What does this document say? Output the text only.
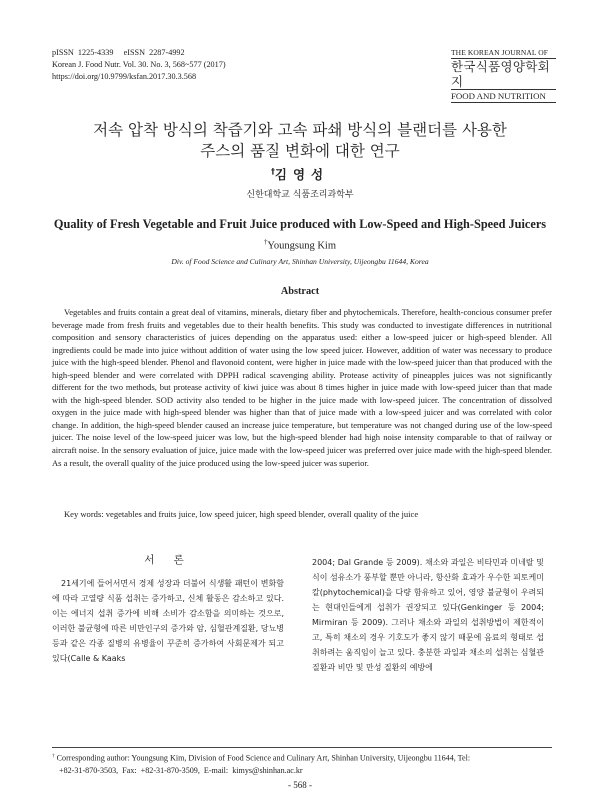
pISSN  1225-4339     eISSN  2287-4992
Korean J. Food Nutr. Vol. 30. No. 3, 568~577 (2017)
https://doi.org/10.9799/ksfan.2017.30.3.568
THE KOREAN JOURNAL OF
한국식품영양학회지
FOOD AND NUTRITION
저속 압착 방식의 착즙기와 고속 파쇄 방식의 블랜더를 사용한
주스의 품질 변화에 대한 연구
†김영성
신한대학교 식품조리과학부
Quality of Fresh Vegetable and Fruit Juice produced with Low-Speed and High-Speed Juicers
†Youngsung Kim
Div. of Food Science and Culinary Art, Shinhan University, Uijeongbu 11644, Korea
Abstract

Vegetables and fruits contain a great deal of vitamins, minerals, dietary fiber and phytochemicals. Therefore, health-concious consumer prefer beverage made from fresh fruits and vegetables due to their health benefits. This study was conducted to investigate differences in nutritional composition and sensory characteristics of juices depending on the apparatus used: either a low-speed juicer or high-speed blender. All ingredients could be made into juice without addition of water using the low speed juicer. However, addition of water was necessary to produce juice with the high-speed blender. Phenol and flavonoid content, were higher in juice made with the low-speed juicer than that produced with the high-speed blender and were correlated with DPPH radical scavenging ability. Protease activity of pineapples juices was not significantly different for the two methods, but protease activity of kiwi juice was about 8 times higher in juice made with low-speed juicer than that made with the high-speed blender. SOD activity also tended to be higher in the juice made with low-speed juicer. The concentration of dissolved oxygen in the juice made with high-speed blender was higher than that of juice made with a low-speed juicer and was correlated with color change. In addition, the high-speed blender caused an increase juice temperature, but temperature was not changed during use of the low-speed juicer. The noise level of the low-speed juicer was low, but the high-speed blender had high noise intensity comparable to that of railway or aircraft noise. In the sensory evaluation of juice, juice made with the low-speed juicer was preferred over juice made with the high-speed blender. As a result, the overall quality of the juice produced using the low-speed juicer was superior.

Key words: vegetables and fruits juice, low speed juicer, high speed blender, overall quality of the juice
서 론

21세기에 들어서면서 경제 성장과 더불어 식생활 패턴이 변화함에 따라 고열량 식품 섭취는 증가하고, 신체 활동은 감소하고 있다. 이는 에너지 섭취 증가에 비해 소비가 감소함을 의미하는 것으로, 이러한 불균형에 따른 비만인구의 증가와 암, 심혈관계질환, 당뇨병 등과 같은 각종 질병의 유병율이 꾸준히 증가하여 사회문제가 되고 있다(Calle & Kaaks

2004; Dal Grande 등 2009). 채소와 과일은 비타민과 미네랄 및 식이 섬유소가 풍부할 뿐만 아니라, 항산화 효과가 우수한 피토케미칼(phytochemical)을 다량 함유하고 있어, 영양 불균형이 우려되는 현대인들에게 섭취가 권장되고 있다(Genkinger 등 2004; Mirmiran 등 2009). 그러나 채소와 과일의 섭취방법이 제한적이고, 특히 채소의 경우 기호도가 좋지 않기 때문에 음료의 형태로 섭취하려는 움직임이 늘고 있다. 충분한 과일과 채소의 섭취는 심혈관 질환과 비만 및 만성 질환의 예방에

† Corresponding author: Youngsung Kim, Division of Food Science and Culinary Art, Shinhan University, Uijeongbu 11644, Tel:
+82-31-870-3503,  Fax:  +82-31-870-3509,  E-mail:  kimys@shinhan.ac.kr
- 568 -
